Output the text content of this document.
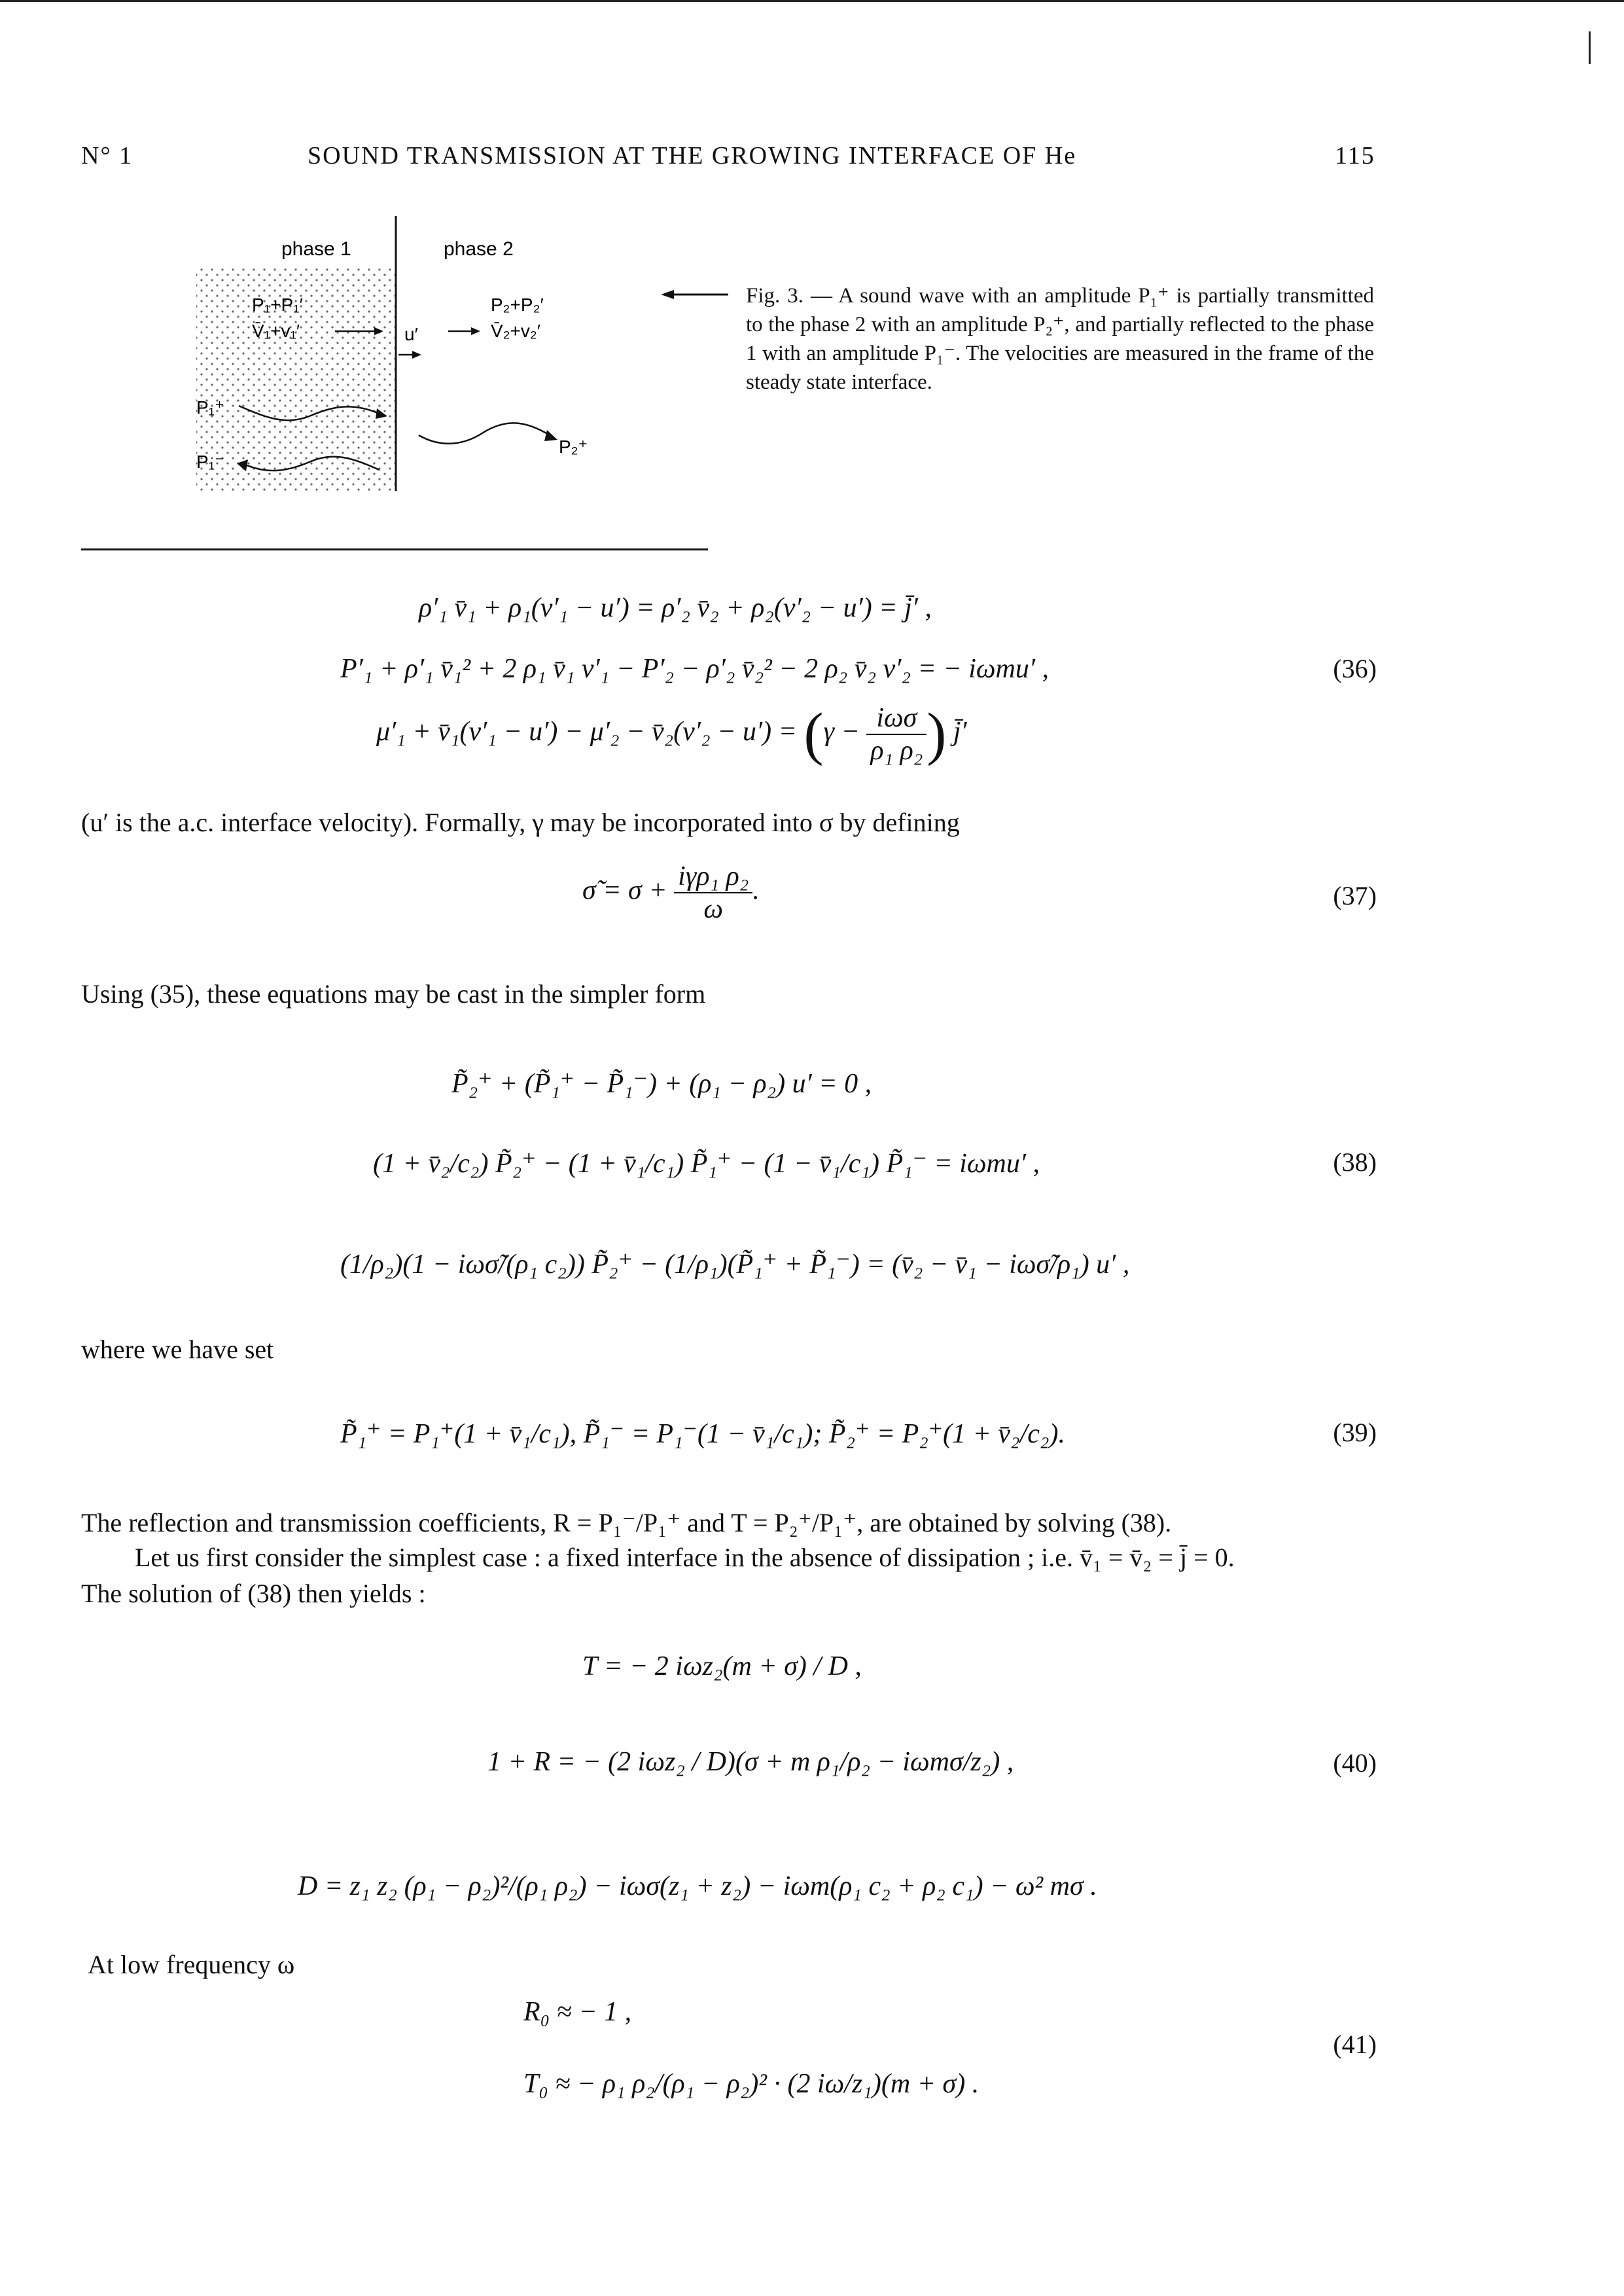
N° 1	SOUND TRANSMISSION AT THE GROWING INTERFACE OF He	115
phase 1	phase 2
P₁+P₁′
V̄₁+v₁′	u′
P₂+P₂′
V̄₂+v₂′
P₁⁺
P₁⁻
P₂⁺
Fig. 3. — A sound wave with an amplitude P₁⁺ is partially transmitted to the phase 2 with an amplitude P₂⁺, and partially reflected to the phase 1 with an amplitude P₁⁻. The velocities are measured in the frame of the steady state interface.
ρ′₁ v̄₁ + ρ₁(v′₁ − u′) = ρ′₂ v̄₂ + ρ₂(v′₂ − u′) = j̄′ ,
P′₁ + ρ′₁ v̄₁² + 2 ρ₁ v̄₁ v′₁ − P′₂ − ρ′₂ v̄₂² − 2 ρ₂ v̄₂ v′₂ = − iωmu′ ,
μ′₁ + v̄₁(v′₁ − u′) − μ′₂ − v̄₂(v′₂ − $u') = (\gamma - \frac{\text{iωσ}}{\text{ρ₁ ρ₂}}$ ) j̄′
(36)
(u′ is the a.c. interface velocity). Formally, γ may be incorporated into σ by defining
σ̃ = $\sigma + \frac{\text{iγρ₁ ρ₂}}{\omega}$ .	(37)
Using (35), these equations may be cast in the simpler form
P̃₂⁺ + (P̃₁⁺ − P̃₁⁻) + (ρ₁ − ρ₂) u′ = 0 ,
(1 + v̄₂/c₂) P̃₂⁺ − (1 + v̄₁/c₁) P̃₁⁺ − (1 − v̄₁/c₁) P̃₁⁻ = iωmu′ ,
(1/ρ₂)(1 − iωσ̃/(ρ₁ c₂)) P̃₂⁺ − (1/ρ₁)(P̃₁⁺ + P̃₁⁻) = (v̄₂ − v̄₁ − iωσ̃/ρ₁) u′ ,
(38)
where we have set
P̃₁⁺ = P₁⁺(1 + v̄₁/c₁), P̃₁⁻ = P₁⁻(1 − v̄₁/c₁); P̃₂⁺ = P₂⁺(1 + v̄₂/c₂).	(39)
The reflection and transmission coefficients, R = P₁⁻/P₁⁺ and T = P₂⁺/P₁⁺, are obtained by solving (38).
Let us first consider the simplest case : a fixed interface in the absence of dissipation ; i.e. v̄₁ = v̄₂ = j̄ = 0.
The solution of (38) then yields :
T = − 2 iωz₂(m + σ) / D ,
1 + R = − (2 iωz₂ / D)(σ + m ρ₁/ρ₂ − iωmσ/z₂) ,
D = z₁ z₂ (ρ₁ − ρ₂)²/(ρ₁ ρ₂) − iωσ(z₁ + z₂) − iωm(ρ₁ c₂ + ρ₂ c₁) − ω² mσ .
(40)
At low frequency ω
R₀ ≈ − 1 ,
T₀ ≈ − ρ₁ ρ₂/(ρ₁ − ρ₂)² · (2 iω/z₁)(m + σ) .
(41)
